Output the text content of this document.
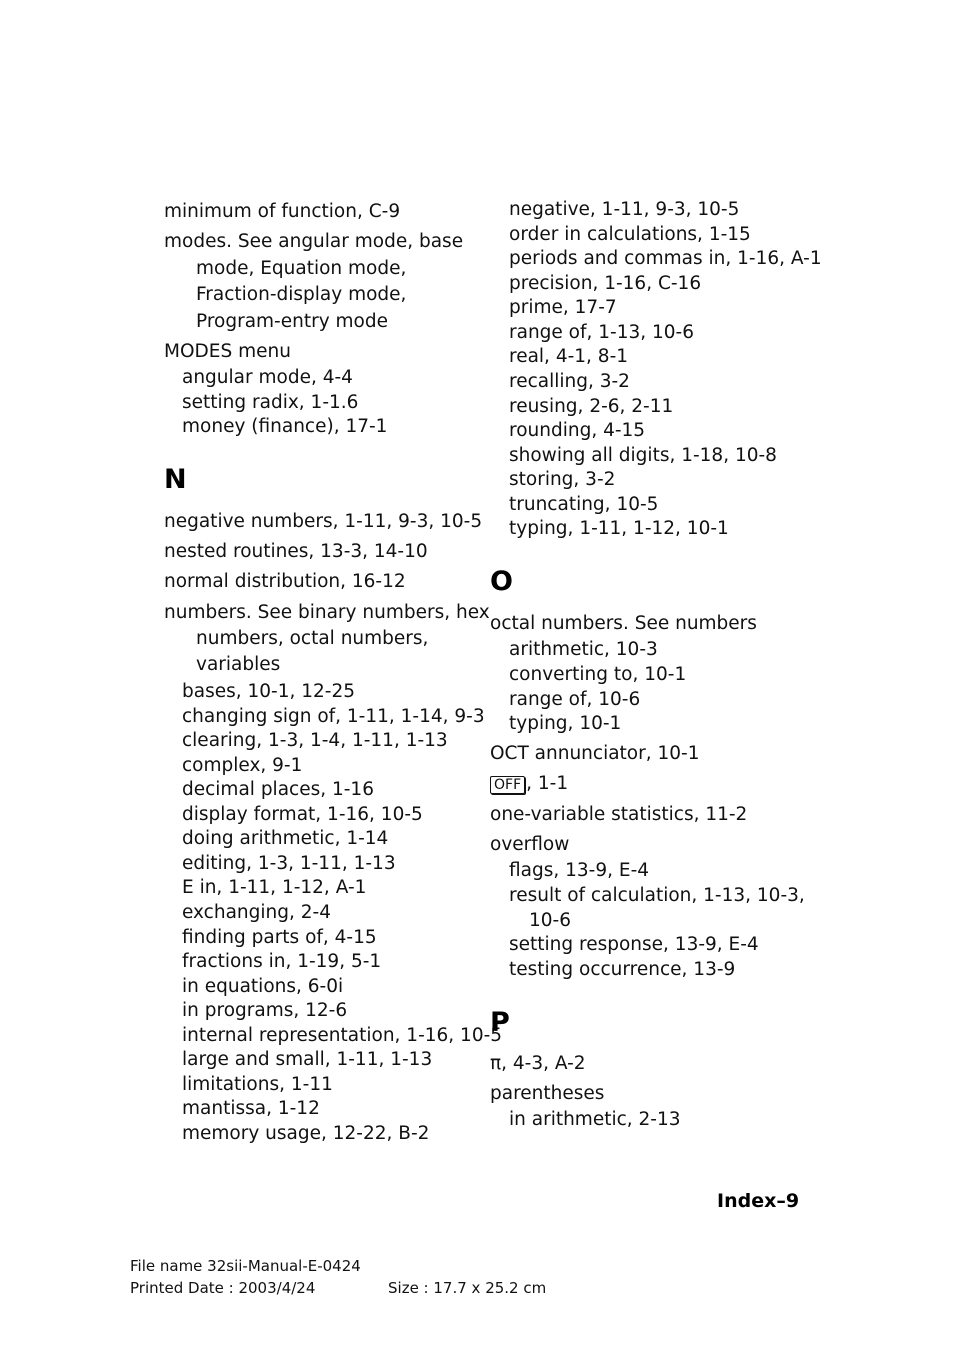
minimum of function, C-9
modes. See angular mode, base
mode, Equation mode,
Fraction-display mode,
Program-entry mode
MODES menu
angular mode, 4-4
setting radix, 1-1.6
money (finance), 17-1
N
negative numbers, 1-11, 9-3, 10-5
nested routines, 13-3, 14-10
normal distribution, 16-12
numbers. See binary numbers, hex
numbers, octal numbers,
variables
bases, 10-1, 12-25
changing sign of, 1-11, 1-14, 9-3
clearing, 1-3, 1-4, 1-11, 1-13
complex, 9-1
decimal places, 1-16
display format, 1-16, 10-5
doing arithmetic, 1-14
editing, 1-3, 1-11, 1-13
E in, 1-11, 1-12, A-1
exchanging, 2-4
finding parts of, 4-15
fractions in, 1-19, 5-1
in equations, 6-0i
in programs, 12-6
internal representation, 1-16, 10-5
large and small, 1-11, 1-13
limitations, 1-11
mantissa, 1-12
memory usage, 12-22, B-2
negative, 1-11, 9-3, 10-5
order in calculations, 1-15
periods and commas in, 1-16, A-1
precision, 1-16, C-16
prime, 17-7
range of, 1-13, 10-6
real, 4-1, 8-1
recalling, 3-2
reusing, 2-6, 2-11
rounding, 4-15
showing all digits, 1-18, 10-8
storing, 3-2
truncating, 10-5
typing, 1-11, 1-12, 10-1
O
octal numbers. See numbers
arithmetic, 10-3
converting to, 10-1
range of, 10-6
typing, 10-1
OCT annunciator, 10-1
OFF , 1-1
one-variable statistics, 11-2
overflow
flags, 13-9, E-4
result of calculation, 1-13, 10-3,
10-6
setting response, 13-9, E-4
testing occurrence, 13-9
P
π, 4-3, A-2
parentheses
in arithmetic, 2-13
Index–9
File name 32sii-Manual-E-0424
Printed Date : 2003/4/24	Size : 17.7 x 25.2 cm
